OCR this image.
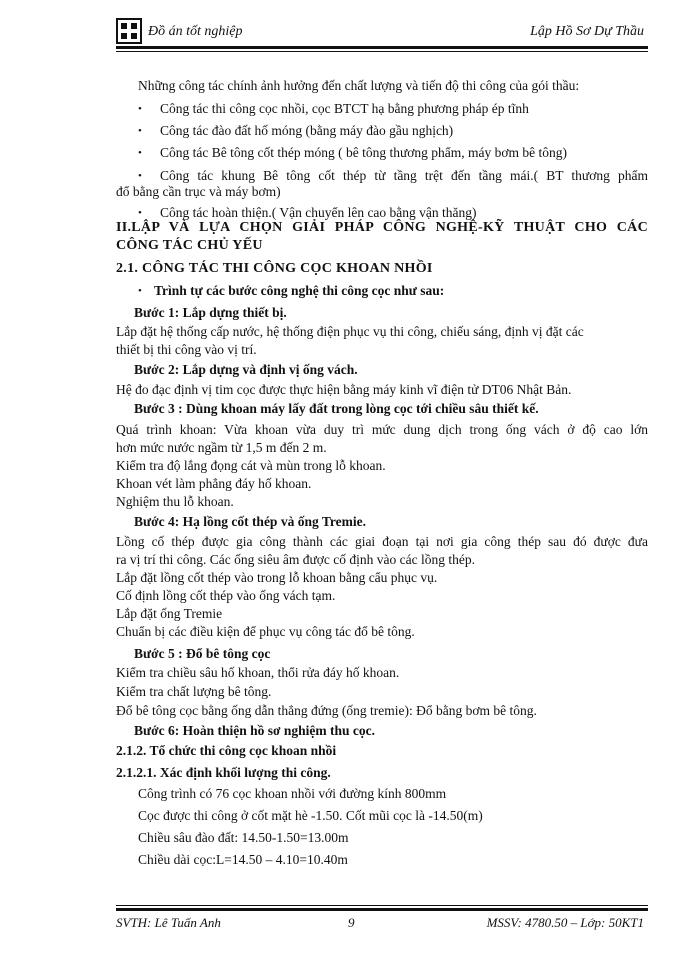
Đồ án tốt nghiệp	Lập Hồ Sơ Dự Thầu
Những công tác chính ảnh hưởng đến chất lượng và tiến độ thi công của gói thầu:
• Công tác thi công cọc nhồi, cọc BTCT hạ bằng phương pháp ép tĩnh
• Công tác đào đất hố móng (bằng máy đào gầu nghịch)
• Công tác Bê tông cốt thép móng ( bê tông thương phẩm, máy bơm bê tông)
• Công tác khung Bê tông cốt thép từ tầng trệt đến tầng mái.( BT thương phẩm
đổ bằng cần trục và máy bơm)
• Công tác hoàn thiện.( Vận chuyển lên cao bằng vận thăng)
II.LẬP VÀ LỰA CHỌN GIẢI PHÁP CÔNG NGHỆ-KỸ THUẬT CHO CÁC
CÔNG TÁC CHỦ YẾU
2.1. CÔNG TÁC THI CÔNG CỌC KHOAN NHỒI
• Trình tự các bước công nghệ thi công cọc như sau:
Bước 1: Lắp dựng thiết bị.
Lắp đặt hệ thống cấp nước, hệ thống điện phục vụ thi công, chiếu sáng, định vị đặt các
thiết bị thi công vào vị trí.
Bước 2: Lắp dựng và định vị ống vách.
Hệ đo đạc định vị tim cọc được thực hiện bằng máy kinh vĩ điện tử DT06 Nhật Bản.
Bước 3 : Dùng khoan máy lấy đất trong lòng cọc tới chiều sâu thiết kế.
Quá trình khoan: Vừa khoan vừa duy trì mức dung dịch trong ống vách ở độ cao lớn
hơn mức nước ngầm từ 1,5 m đến 2 m.
Kiểm tra độ lắng đọng cát và mùn trong lỗ khoan.
Khoan vét làm phẳng đáy hố khoan.
Nghiệm thu lỗ khoan.
Bước 4: Hạ lồng cốt thép và ống Tremie.
Lồng cố thép được gia công thành các giai đoạn tại nơi gia công thép sau đó được đưa
ra vị trí thi công. Các ống siêu âm được cố định vào các lồng thép.
Lắp đặt lồng cốt thép vào trong lỗ khoan bằng cẩu phục vụ.
Cố định lồng cốt thép vào ống vách tạm.
Lắp đặt ống Tremie
Chuẩn bị các điều kiện để phục vụ công tác đổ bê tông.
Bước 5 : Đổ bê tông cọc
Kiểm tra chiều sâu hố khoan, thổi rửa đáy hố khoan.
Kiểm tra chất lượng bê tông.
Đổ bê tông cọc bằng ống dẫn thẳng đứng (ống tremie): Đổ bằng bơm bê tông.
Bước 6: Hoàn thiện hồ sơ nghiệm thu cọc.
2.1.2. Tổ chức thi công cọc khoan nhồi
2.1.2.1. Xác định khối lượng thi công.
Công trình có 76 cọc khoan nhồi với đường kính 800mm
Cọc được thi công ở cốt mặt hè -1.50. Cốt mũi cọc là -14.50(m)
Chiều sâu đào đất: 14.50-1.50=13.00m
Chiều dài cọc:L=14.50 – 4.10=10.40m
SVTH: Lê Tuấn Anh	9	MSSV: 4780.50 – Lớp: 50KT1
